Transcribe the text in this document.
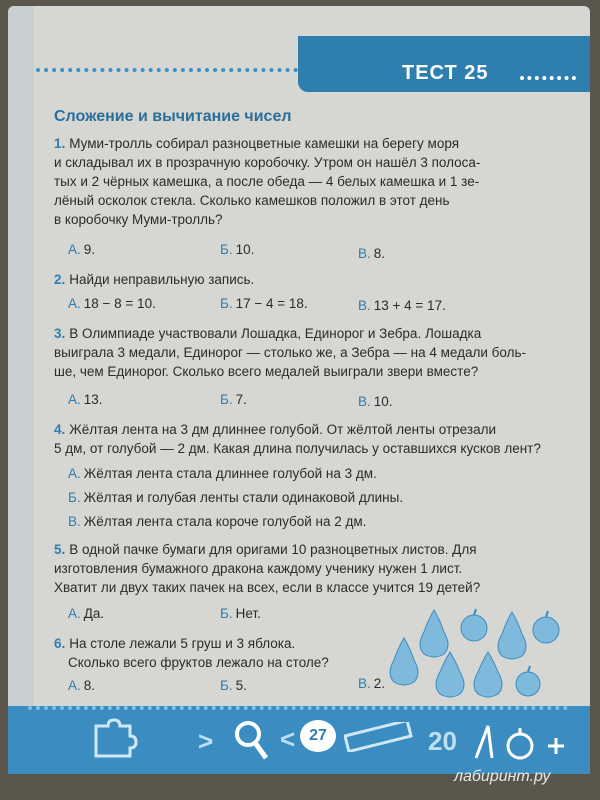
ТЕСТ 25
Сложение и вычитание чисел
1. Муми-тролль собирал разноцветные камешки на берегу моря
и складывал их в прозрачную коробочку. Утром он нашёл 3 полоса-
тых и 2 чёрных камешка, а после обеда — 4 белых камешка и 1 зе-
лёный осколок стекла. Сколько камешков положил в этот день
в коробочку Муми-тролль?
А. 9.	Б. 10.	В. 8.
2. Найди неправильную запись.
А. 18 − 8 = 10.	Б. 17 − 4 = 18.	В. 13 + 4 = 17.
3. В Олимпиаде участвовали Лошадка, Единорог и Зебра. Лошадка
выиграла 3 медали, Единорог — столько же, а Зебра — на 4 медали боль-
ше, чем Единорог. Сколько всего медалей выиграли звери вместе?
А. 13.	Б. 7.	В. 10.
4. Жёлтая лента на 3 дм длиннее голубой. От жёлтой ленты отрезали
5 дм, от голубой — 2 дм. Какая длина получилась у оставшихся кусков лент?
А. Жёлтая лента стала длиннее голубой на 3 дм.
Б. Жёлтая и голубая ленты стали одинаковой длины.
В. Жёлтая лента стала короче голубой на 2 дм.
5. В одной пачке бумаги для оригами 10 разноцветных листов. Для
изготовления бумажного дракона каждому ученику нужен 1 лист.
Хватит ли двух таких пачек на всех, если в классе учится 19 детей?
А. Да.	Б. Нет.
6. На столе лежали 5 груш и 3 яблока.
Сколько всего фруктов лежало на столе?
А. 8.	Б. 5.	В. 2.
>	< 27	20
лабиринт.ру
